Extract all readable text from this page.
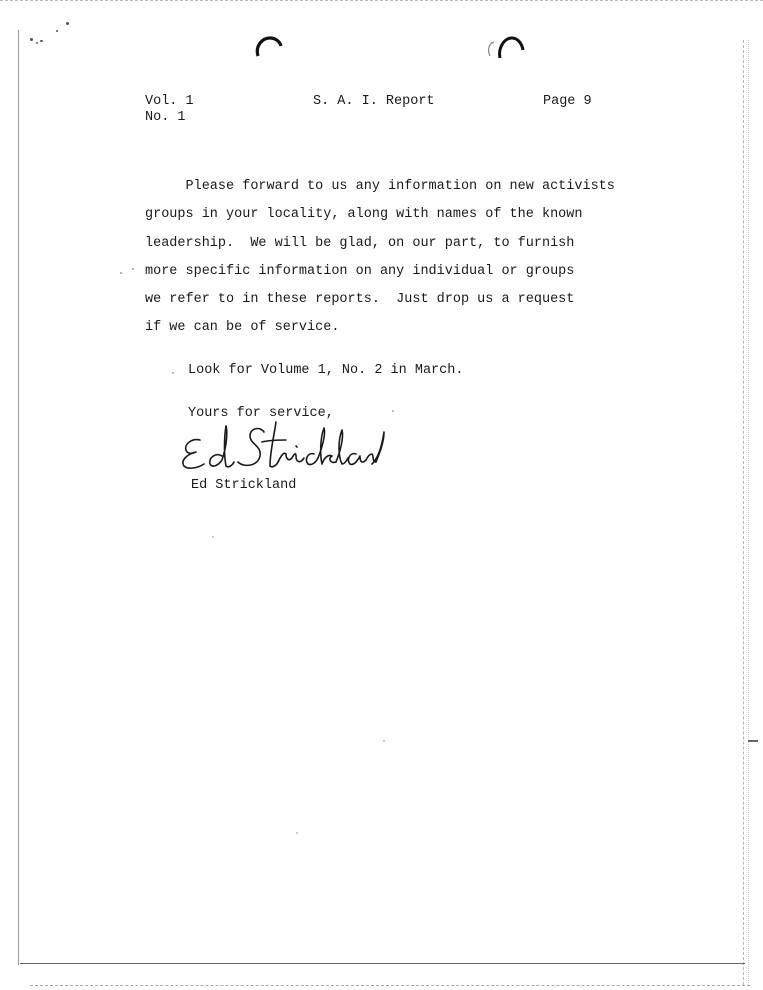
Vol. 1
No. 1
S. A. I. Report	Page 9
Please forward to us any information on new activists
groups in your locality, along with names of the known
leadership.  We will be glad, on our part, to furnish
more specific information on any individual or groups
we refer to in these reports.  Just drop us a request
if we can be of service.
Look for Volume 1, No. 2 in March.
Yours for service,
Ed Strickland
